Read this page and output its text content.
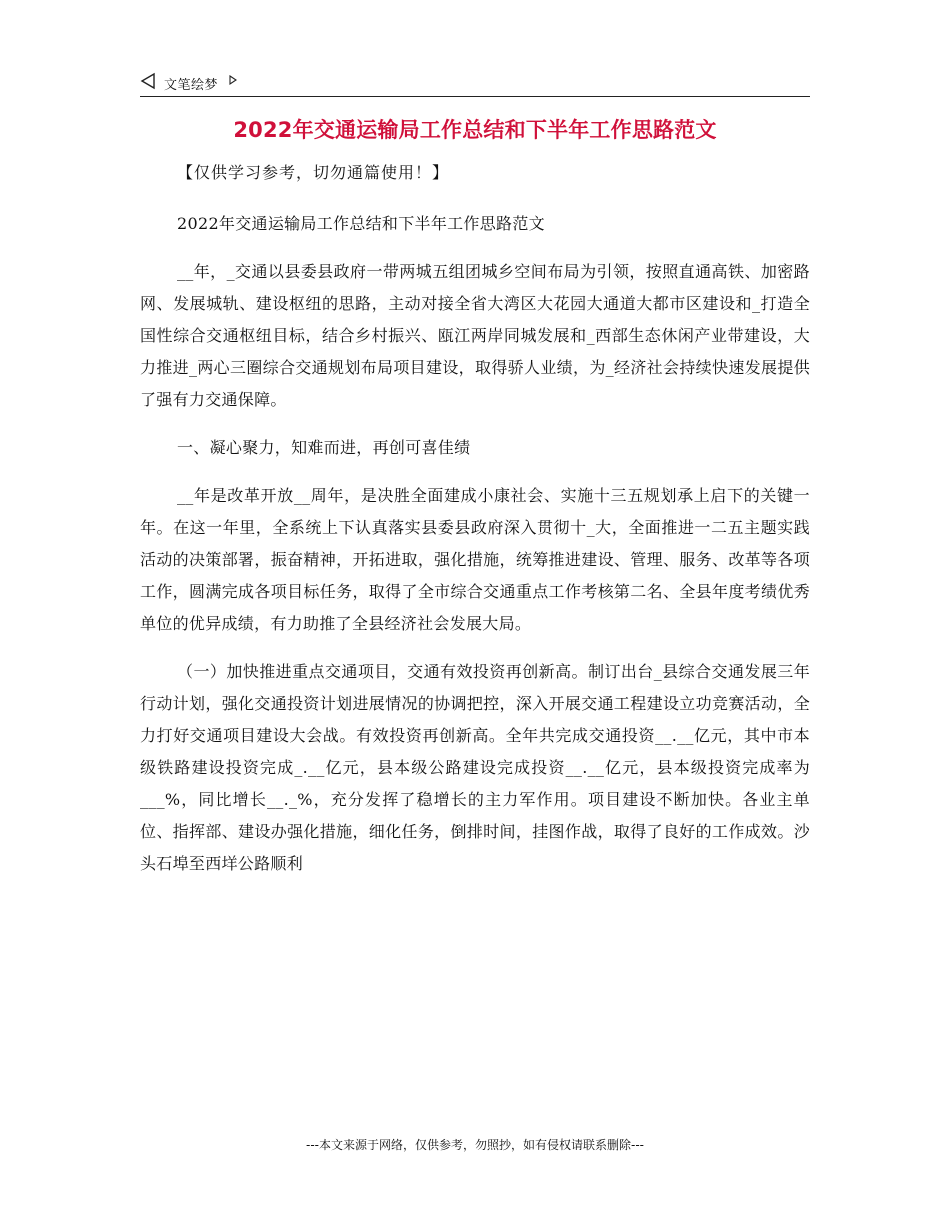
文笔绘梦
2022年交通运输局工作总结和下半年工作思路范文
【仅供学习参考，切勿通篇使用！】

2022年交通运输局工作总结和下半年工作思路范文

__年，_交通以县委县政府一带两城五组团城乡空间布局为引领，按照直通高铁、加密路网、发展城轨、建设枢纽的思路，主动对接全省大湾区大花园大通道大都市区建设和_打造全国性综合交通枢纽目标，结合乡村振兴、瓯江两岸同城发展和_西部生态休闲产业带建设，大力推进_两心三圈综合交通规划布局项目建设，取得骄人业绩，为_经济社会持续快速发展提供了强有力交通保障。

一、凝心聚力，知难而进，再创可喜佳绩

__年是改革开放__周年，是决胜全面建成小康社会、实施十三五规划承上启下的关键一年。在这一年里，全系统上下认真落实县委县政府深入贯彻十_大，全面推进一二五主题实践活动的决策部署，振奋精神，开拓进取，强化措施，统筹推进建设、管理、服务、改革等各项工作，圆满完成各项目标任务，取得了全市综合交通重点工作考核第二名、全县年度考绩优秀单位的优异成绩，有力助推了全县经济社会发展大局。

（一）加快推进重点交通项目，交通有效投资再创新高。制订出台_县综合交通发展三年行动计划，强化交通投资计划进展情况的协调把控，深入开展交通工程建设立功竞赛活动，全力打好交通项目建设大会战。有效投资再创新高。全年共完成交通投资__.__亿元，其中市本级铁路建设投资完成_.__亿元，县本级公路建设完成投资__.__亿元，县本级投资完成率为___%，同比增长__._%，充分发挥了稳增长的主力军作用。项目建设不断加快。各业主单位、指挥部、建设办强化措施，细化任务，倒排时间，挂图作战，取得了良好的工作成效。沙头石埠至西垟公路顺利

---本文来源于网络，仅供参考，勿照抄，如有侵权请联系删除---
